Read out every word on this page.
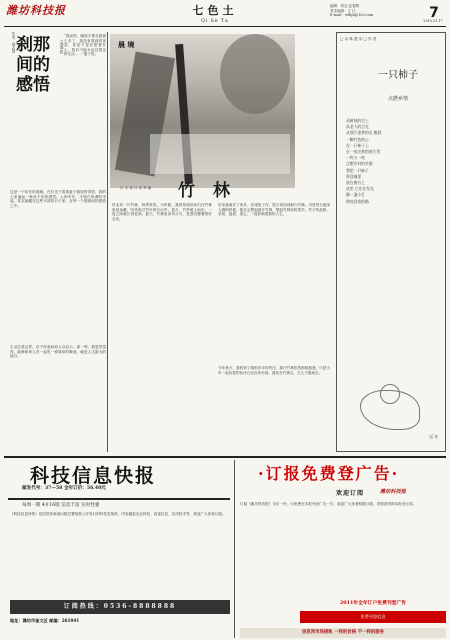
潍坊科技报	七色土
Qi Se Tu
编辑：刘宝 赵春辉
美术编辑：王 江
E-mail：wfkjb@163.com	7
2010.11.17
作者：郝志国 刹那间的感悟
文/邵 伟
“我说你，晚饭不要在做那么多了，我没有看到的饭菜，你是不是在想着什么，我们不能永远过着这种生活……”妻子说。
这是一个初冬的夜晚，在灯光下看着妻子做饭的背影，我的心里涌起一种说不出的感觉。人到中年，才明白所谓的幸福，其实就藏在这些平淡的日子里，在每一个刹那间的感悟之中。
生活总是这样，在不经意间给人以启示。那一刻，我忽然觉得，能够和家人在一起吃一顿简单的晚饭，就是人生最大的福分。
晨 境
口 小 说 口 吴 秀 丽	竹 林
村北有一片竹林，四季常青。小时候，我常常和伙伴们在竹林里捉迷藏，听风吹过竹叶的沙沙声。春天，竹笋破土而出，一夜之间就长得老高；夏天，竹林里凉风习习，是我们避暑的好去处。
后来我离开了家乡，在城里工作，很少再回到那片竹林。可是每当夜深人静的时候，我总会想起那片竹林，想起竹林里的笑声。竹子的品格，坚韧、挺拔、虚心，一直影响着我的人生。
今年秋天，我回到了阔别多年的村庄，那片竹林依然郁郁葱葱，只是当年一起玩耍的伙伴已经各奔东西。我站在竹林边，久久不愿离去。
□ 诗 林 漫 步 □ 作 者
一只柿子
点燃乡情
从树枝的尖上
从老人的目光
从那片金黄的光 跳跃
一颗红色的心
在一只柿子上
在一张泛黄的底片里
一枚又一枚
点燃乡村的乡愁
我把一只柿子
带回城里
放在窗台上
夜里 它还在发光
像一盏小灯
照亮回家的路
远 年
科技信息快报
邮发代号：37—58 全年订价：56.40元
每周一期 4开16版 信息丰富 实用性强
《科技信息快报》是经国家新闻出版总署批准公开发行的科技类报纸，内容涵盖农业科技、致富信息、实用技术等，欢迎广大读者订阅。
订阅热线：0536-8888888
地址：潍坊市奎文区 邮编：261041
·订报免费登广告·
欢迎订阅	潍坊科技报
订阅《潍坊科技报》全年一份，可免费在本报刊登广告一次，欢迎广大读者积极订阅，详情请咨询本报发行部。
2011年全年订户免费刊登广告
免费刊登信息
信息同市场接轨 一样的价格 不一样的服务
